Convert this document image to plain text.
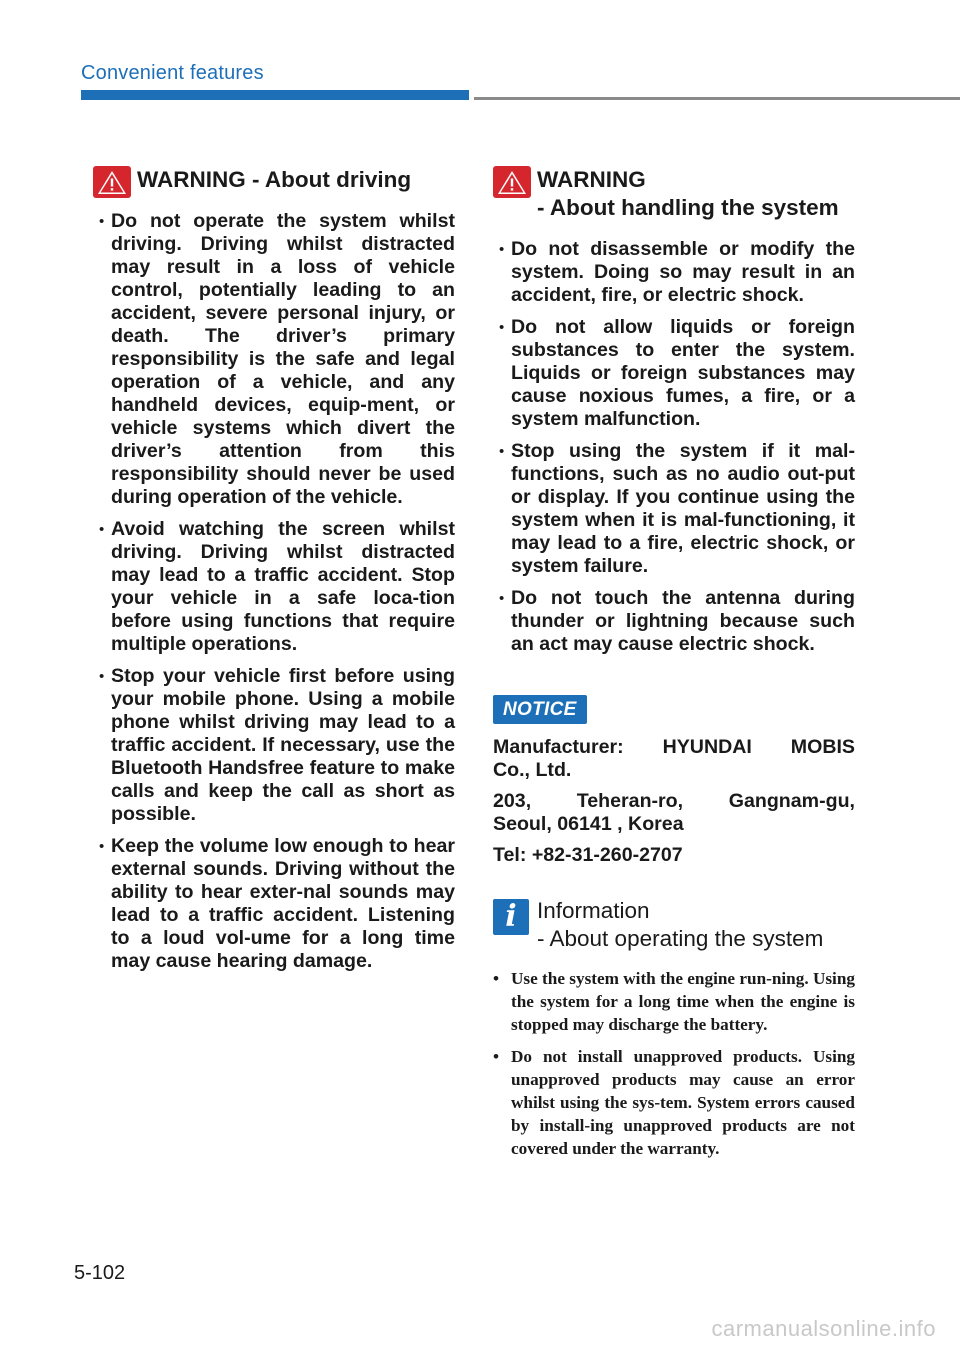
Convenient features
WARNING - About driving
• Do not operate the system whilst driving. Driving whilst distracted may result in a loss of vehicle control, potentially leading to an accident, severe personal injury, or death. The driver’s primary responsibility is the safe and legal operation of a vehicle, and any handheld devices, equip-ment, or vehicle systems which divert the driver’s attention from this responsibility should never be used during operation of the vehicle.
• Avoid watching the screen whilst driving. Driving whilst distracted may lead to a traffic accident. Stop your vehicle in a safe loca-tion before using functions that require multiple operations.
• Stop your vehicle first before using your mobile phone. Using a mobile phone whilst driving may lead to a traffic accident. If necessary, use the Bluetooth Handsfree feature to make calls and keep the call as short as possible.
• Keep the volume low enough to hear external sounds. Driving without the ability to hear exter-nal sounds may lead to a traffic accident. Listening to a loud vol-ume for a long time may cause hearing damage.
WARNING
- About handling the system
• Do not disassemble or modify the system. Doing so may result in an accident, fire, or electric shock.
• Do not allow liquids or foreign substances to enter the system. Liquids or foreign substances may cause noxious fumes, a fire, or a system malfunction.
• Stop using the system if it mal-functions, such as no audio out-put or display. If you continue using the system when it is mal-functioning, it may lead to a fire, electric shock, or system failure.
• Do not touch the antenna during thunder or lightning because such an act may cause electric shock.
NOTICE

Manufacturer: HYUNDAI MOBIS
Co., Ltd.

203, Teheran-ro, Gangnam-gu,
Seoul, 06141 , Korea

Tel: +82-31-260-2707

i Information
- About operating the system
• Use the system with the engine run-ning. Using the system for a long time when the engine is stopped may discharge the battery.
• Do not install unapproved products. Using unapproved products may cause an error whilst using the sys-tem. System errors caused by install-ing unapproved products are not covered under the warranty.
5-102
carmanualsonline.info
